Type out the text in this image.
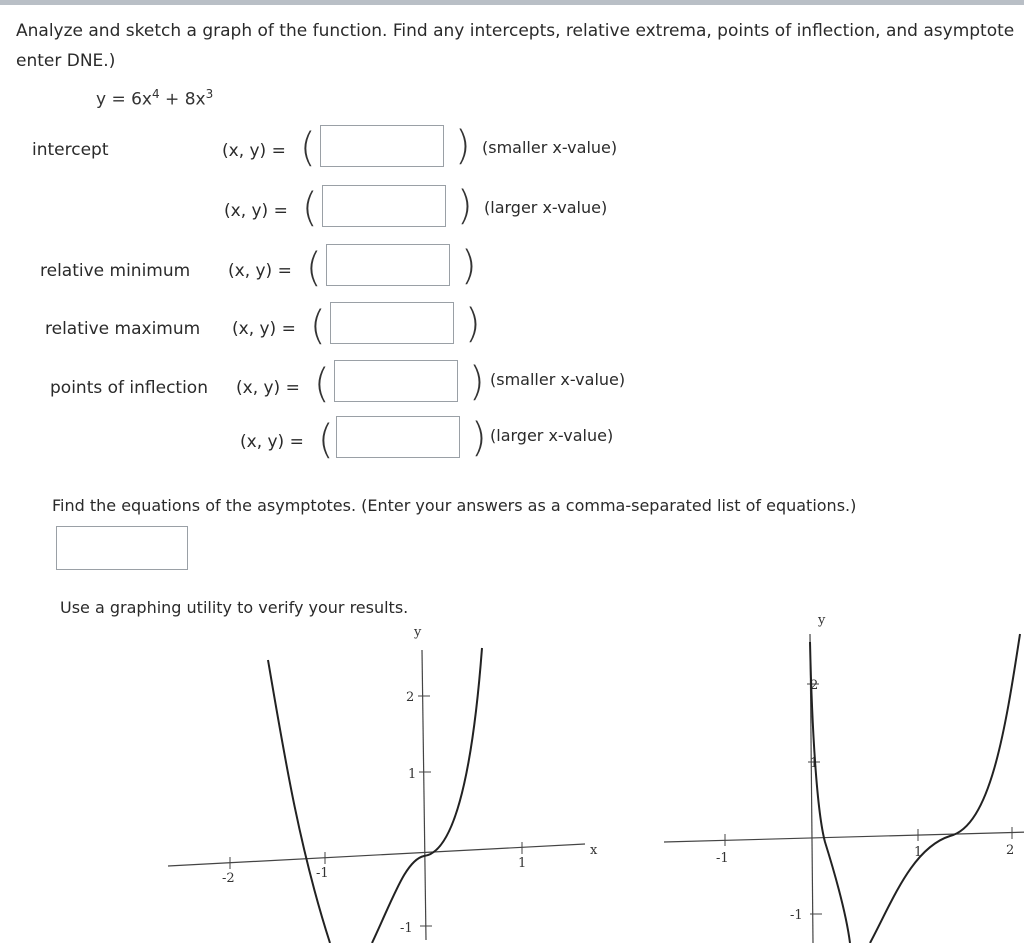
Analyze and sketch a graph of the function. Find any intercepts, relative extrema, points of inflection, and asymptote
enter DNE.)
$y = 6x^4 + 8x^3$
intercept	(x, y) = (	) (smaller x-value)
(x, y) = (	) (larger x-value)
relative minimum (x, y) = (	)
relative maximum (x, y) = (	)
points of inflection (x, y) = (	) (smaller x-value)
(x, y) = (	) (larger x-value)
Find the equations of the asymptotes. (Enter your answers as a comma-separated list of equations.)
Use a graphing utility to verify your results.
-2	-1
1
x
2
1
-1
y
-1	1	2
2
1
-1
y
